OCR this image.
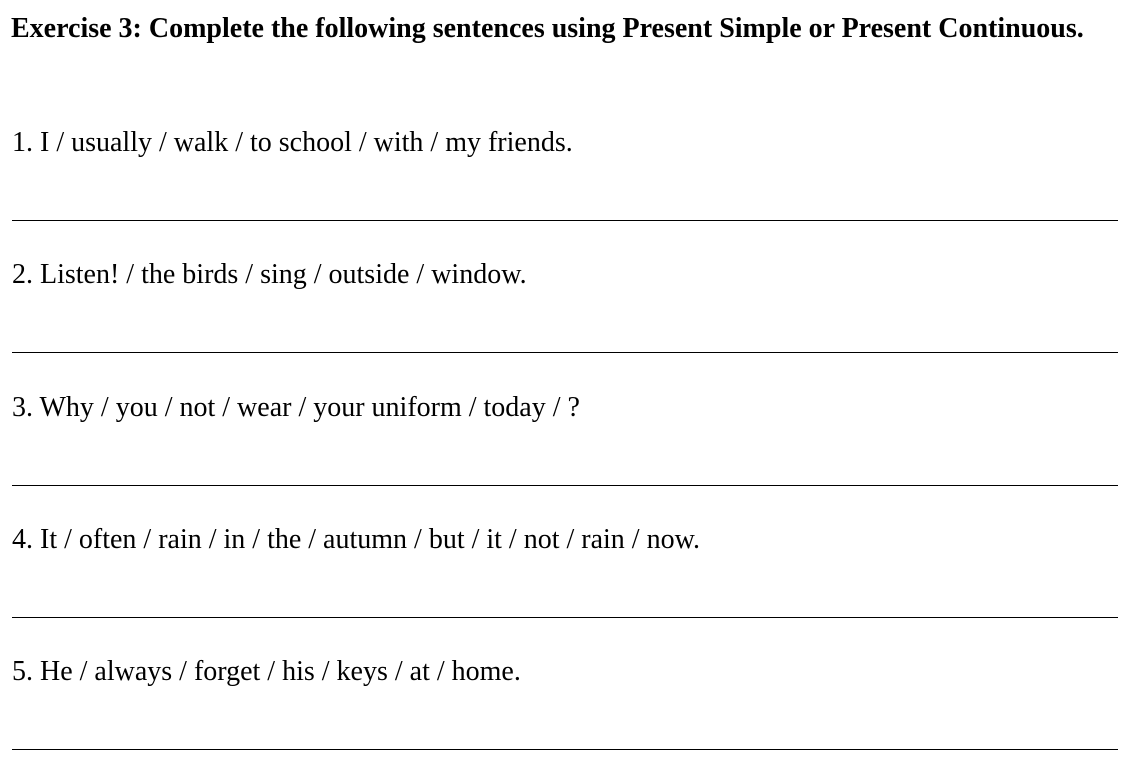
Exercise 3: Complete the following sentences using Present Simple or Present Continuous.
1. I / usually / walk / to school / with / my friends.
2. Listen! / the birds / sing / outside / window.
3. Why / you / not / wear / your uniform / today / ?
4. It / often / rain / in / the / autumn / but / it / not / rain / now.
5. He / always / forget / his / keys / at / home.
